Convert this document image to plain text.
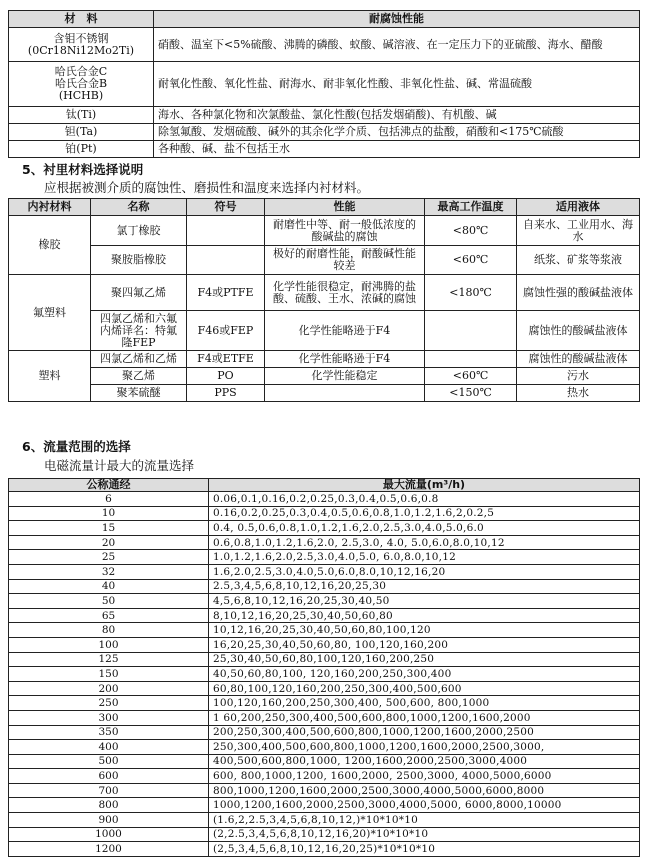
材　料	耐腐蚀性能
含钼不锈钢
(0Cr18Ni12Mo2Ti)	硝酸、温室下<5%硫酸、沸腾的磷酸、蚁酸、碱溶液、在一定压力下的亚硫酸、海水、醋酸
哈氏合金C
哈氏合金B
(HCHB)	耐氧化性酸、氧化性盐、耐海水、耐非氧化性酸、非氧化性盐、碱、常温硫酸
钛(Ti)	海水、各种氯化物和次氯酸盐、氯化性酸(包括发烟硝酸)、有机酸、碱
钽(Ta)	除氢氟酸、发烟硫酸、碱外的其余化学介质、包括沸点的盐酸，硝酸和<175℃硫酸
铂(Pt)	各种酸、碱、盐不包括王水

5、衬里材料选择说明

应根据被测介质的腐蚀性、磨损性和温度来选择内衬材料。

内衬材料	名称	符号	性能	最高工作温度	适用液体
橡胶	氯丁橡胶		耐磨性中等、耐一般低浓度的酸碱盐的腐蚀	<80℃	自来水、工业用水、海水
	聚胺脂橡胶		极好的耐磨性能，耐酸碱性能较差	<60℃	纸浆、矿浆等浆液
氟塑料	聚四氟乙烯	F4或PTFE	化学性能很稳定，耐沸腾的盐酸、硫酸、王水、浓碱的腐蚀	<180℃	腐蚀性强的酸碱盐液体
	四氯乙烯和六氟内烯译名：特氟隆FEP	F46或FEP	化学性能略逊于F4		腐蚀性的酸碱盐液体
塑料	四氯乙烯和乙烯	F4或ETFE	化学性能略逊于F4		腐蚀性的酸碱盐液体
	聚乙烯	PO	化学性能稳定	<60℃	污水
	聚苯硫醚	PPS		<150℃	热水

6、流量范围的选择

电磁流量计最大的流量选择

公称通经	最大流量(m³/h)
6	0.06,0.1,0.16,0.2,0.25,0.3,0.4,0.5,0.6,0.8
10	0.16,0.2,0.25,0.3,0.4,0.5,0.6,0.8,1.0,1.2,1.6,2,0.2,5
15	0.4, 0.5,0.6,0.8,1.0,1.2,1.6,2.0,2.5,3.0,4.0,5.0,6.0
20	0.6,0.8,1.0,1.2,1.6,2.0, 2.5,3.0, 4.0, 5.0,6.0,8.0,10,12
25	1.0,1.2,1.6,2.0,2.5,3.0,4.0,5.0, 6.0,8.0,10,12
32	1.6,2.0,2.5,3.0,4.0,5.0,6.0,8.0,10,12,16,20
40	2.5,3,4,5,6,8,10,12,16,20,25,30
50	4,5,6,8,10,12,16,20,25,30,40,50
65	8,10,12,16,20,25,30,40,50,60,80
80	10,12,16,20,25,30,40,50,60,80,100,120
100	16,20,25,30,40,50,60,80, 100,120,160,200
125	25,30,40,50,60,80,100,120,160,200,250
150	40,50,60,80,100, 120,160,200,250,300,400
200	60,80,100,120,160,200,250,300,400,500,600
250	100,120,160,200,250,300,400, 500,600, 800,1000
300	1 60,200,250,300,400,500,600,800,1000,1200,1600,2000
350	200,250,300,400,500,600,800,1000,1200,1600,2000,2500
400	250,300,400,500,600,800,1000,1200,1600,2000,2500,3000,
500	400,500,600,800,1000, 1200,1600,2000,2500,3000,4000
600	600, 800,1000,1200, 1600,2000, 2500,3000, 4000,5000,6000
700	800,1000,1200,1600,2000,2500,3000,4000,5000,6000,8000
800	1000,1200,1600,2000,2500,3000,4000,5000, 6000,8000,10000
900	(1.6,2,2.5,3,4,5,6,8,10,12,)*10*10*10
1000	(2,2.5,3,4,5,6,8,10,12,16,20)*10*10*10
1200	(2,5,3,4,5,6,8,10,12,16,20,25)*10*10*10
